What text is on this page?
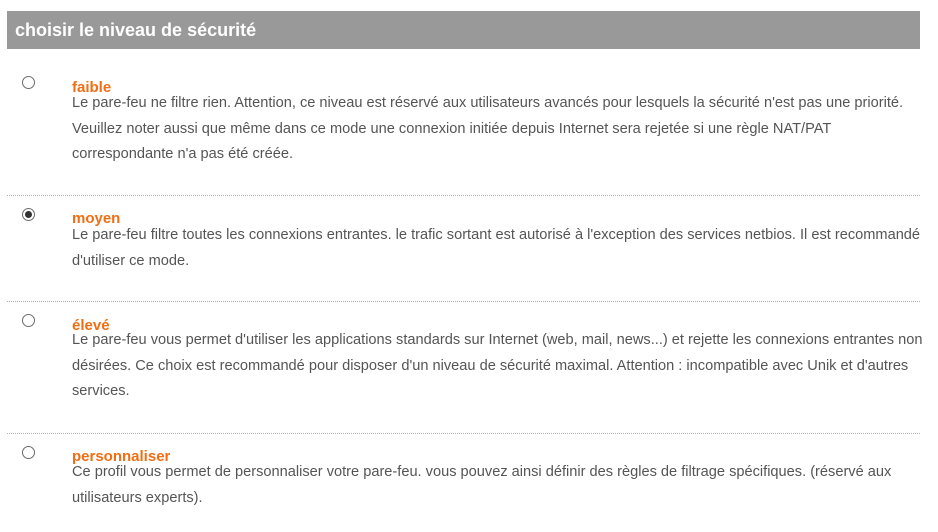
choisir le niveau de sécurité
faible
Le pare-feu ne filtre rien. Attention, ce niveau est réservé aux utilisateurs avancés pour lesquels la sécurité n'est pas une priorité. Veuillez noter aussi que même dans ce mode une connexion initiée depuis Internet sera rejetée si une règle NAT/PAT correspondante n'a pas été créée.
moyen
Le pare-feu filtre toutes les connexions entrantes. le trafic sortant est autorisé à l'exception des services netbios. Il est recommandé d'utiliser ce mode.
élevé
Le pare-feu vous permet d'utiliser les applications standards sur Internet (web, mail, news...) et rejette les connexions entrantes non désirées. Ce choix est recommandé pour disposer d'un niveau de sécurité maximal. Attention : incompatible avec Unik et d'autres services.
personnaliser
Ce profil vous permet de personnaliser votre pare-feu. vous pouvez ainsi définir des règles de filtrage spécifiques. (réservé aux utilisateurs experts).
